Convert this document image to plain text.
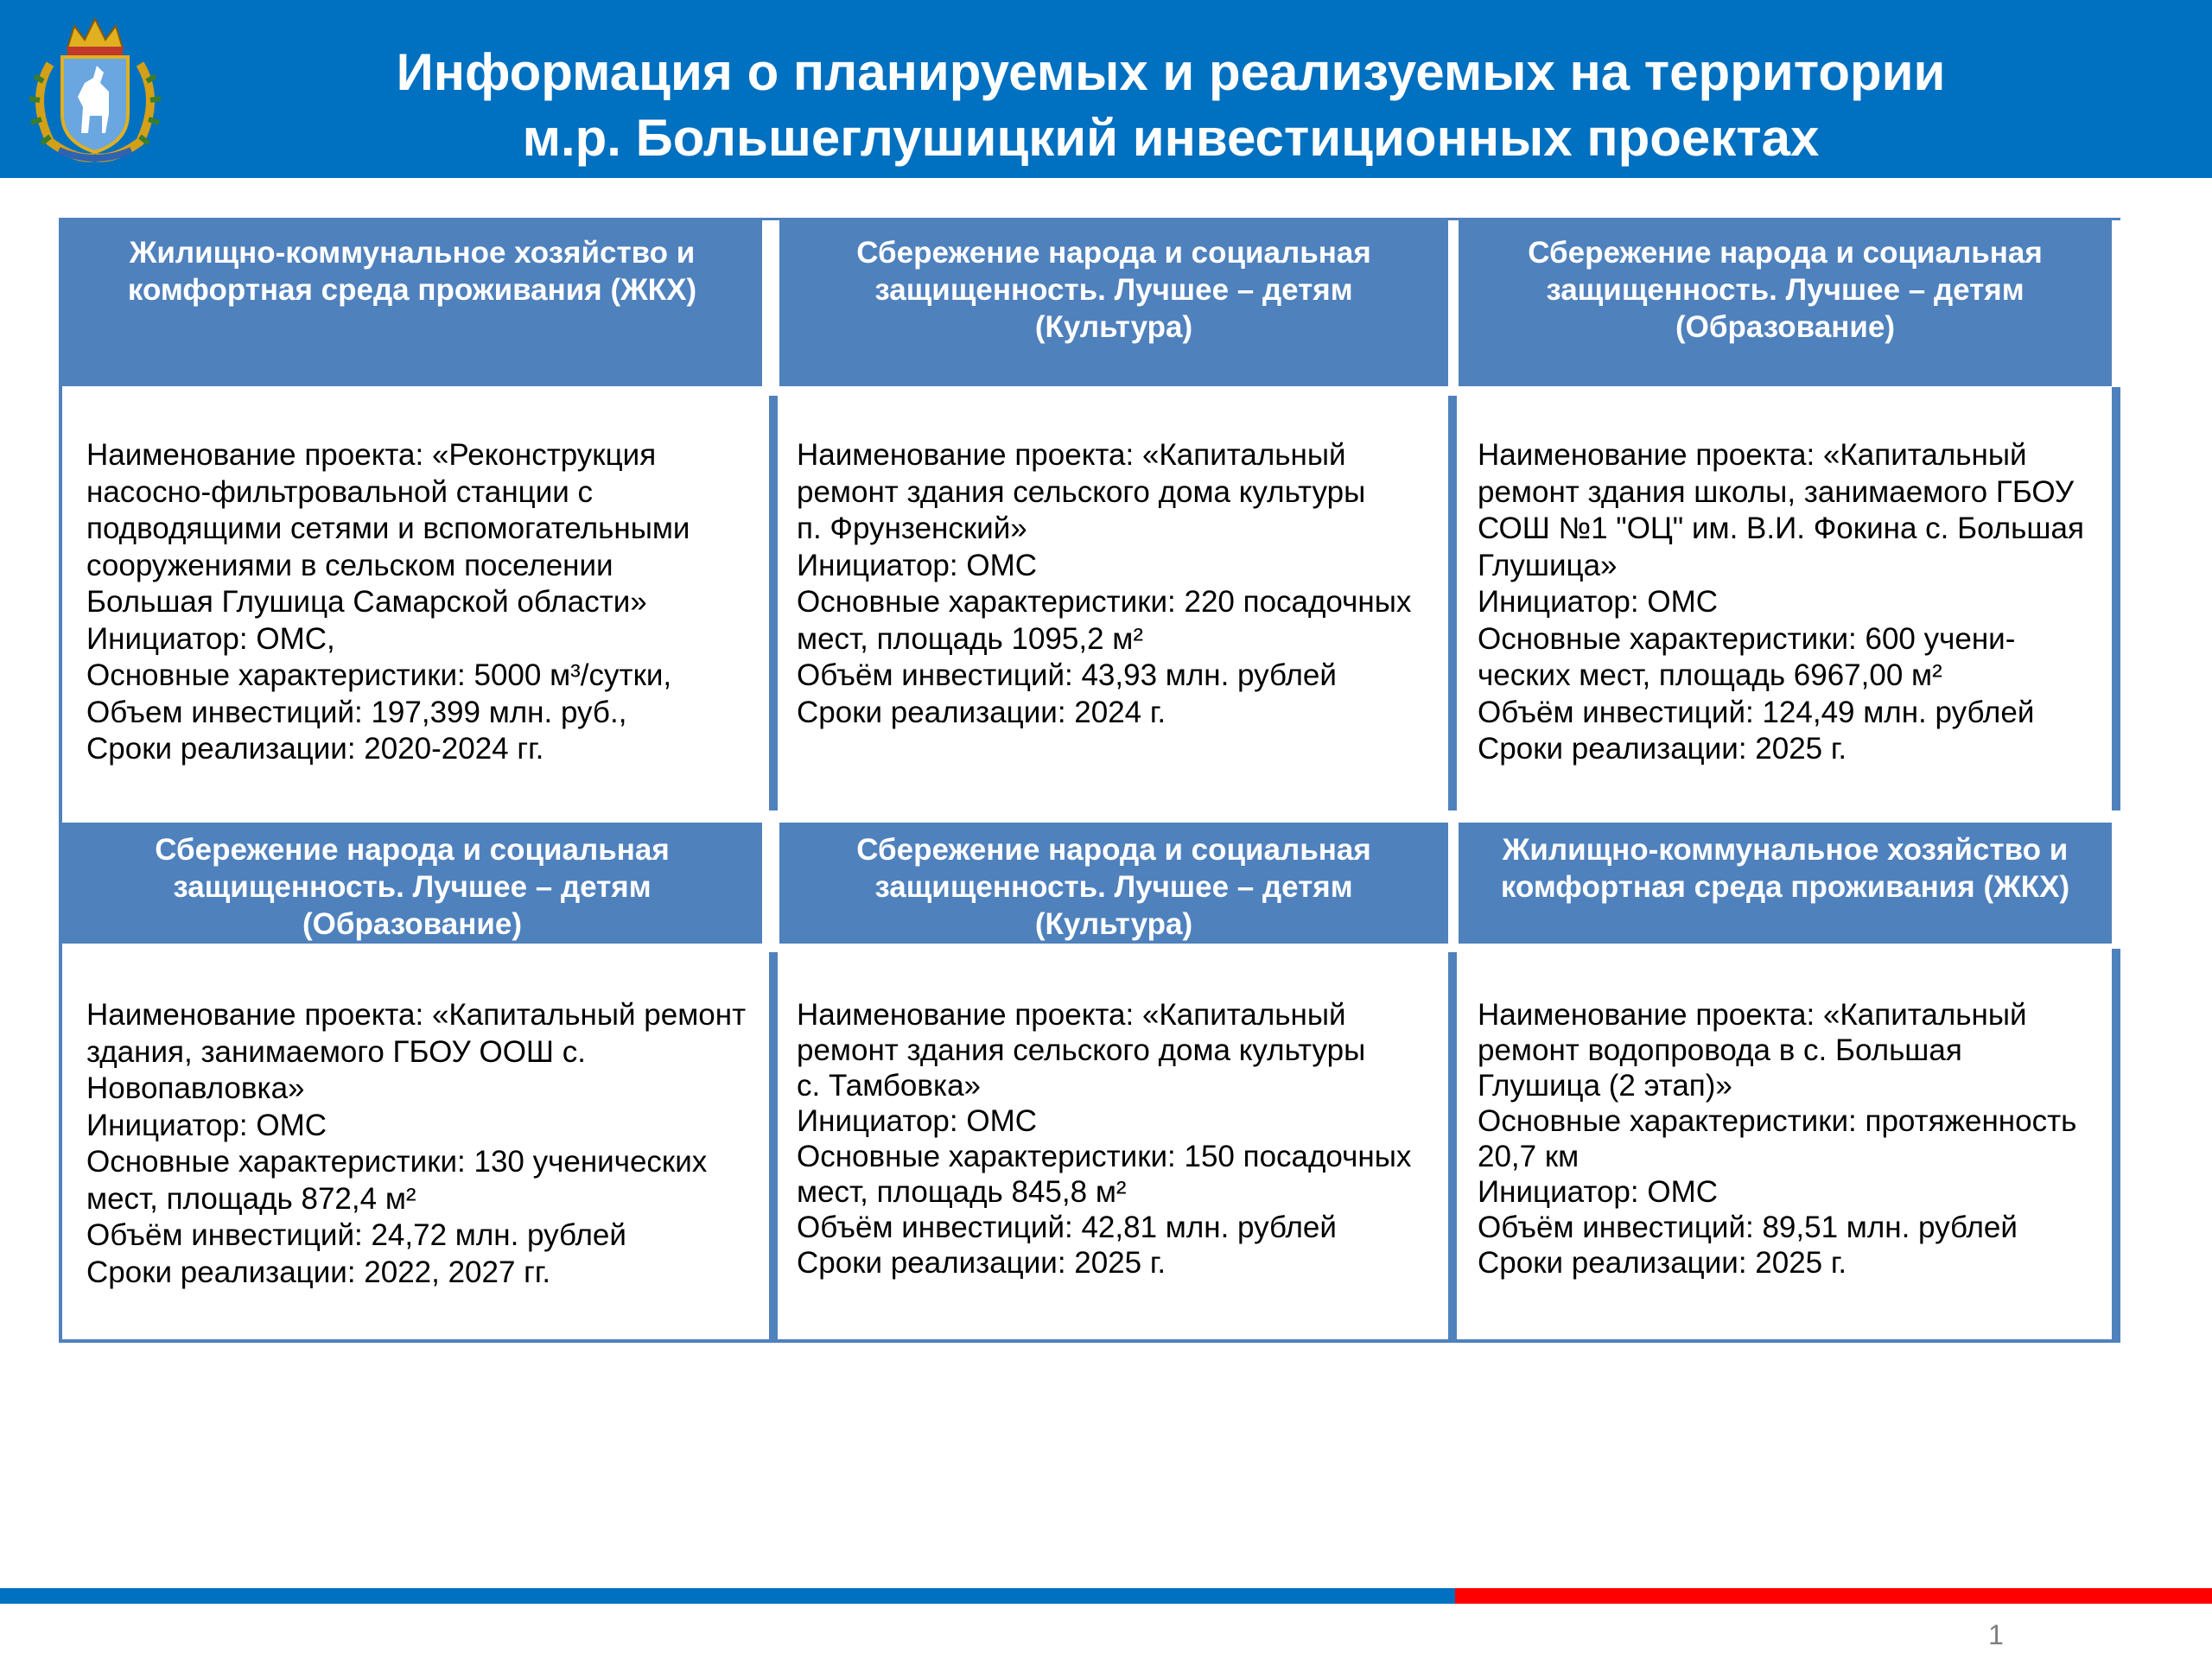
Информация о планируемых и реализуемых на территории
м.р. Большеглушицкий инвестиционных проектах
Жилищно-коммунальное хозяйство и
комфортная среда проживания (ЖКХ)
Сбережение народа и социальная
защищенность. Лучшее – детям
(Культура)
Сбережение народа и социальная
защищенность. Лучшее – детям
(Образование)
Наименование проекта: «Реконструкция
насосно-фильтровальной станции с
подводящими сетями и вспомогательными
сооружениями в сельском поселении
Большая Глушица Самарской области»
Инициатор: ОМС,
Основные характеристики: 5000 м³/сутки,
Объем инвестиций: 197,399 млн. руб.,
Сроки реализации: 2020-2024 гг.
Наименование проекта: «Капитальный
ремонт здания сельского дома культуры
п. Фрунзенский»
Инициатор: ОМС
Основные характеристики: 220 посадочных
мест, площадь 1095,2 м²
Объём инвестиций: 43,93 млн. рублей
Сроки реализации: 2024 г.
Наименование проекта: «Капитальный
ремонт здания школы, занимаемого ГБОУ
СОШ №1 "ОЦ" им. В.И. Фокина с. Большая
Глушица»
Инициатор: ОМС
Основные характеристики: 600 учени-
ческих мест, площадь 6967,00 м²
Объём инвестиций: 124,49 млн. рублей
Сроки реализации: 2025 г.
Сбережение народа и социальная
защищенность. Лучшее – детям
(Образование)
Сбережение народа и социальная
защищенность. Лучшее – детям
(Культура)
Жилищно-коммунальное хозяйство и
комфортная среда проживания (ЖКХ)
Наименование проекта: «Капитальный ремонт
здания, занимаемого ГБОУ ООШ с.
Новопавловка»
Инициатор: ОМС
Основные характеристики: 130 ученических
мест, площадь 872,4 м²
Объём инвестиций: 24,72 млн. рублей
Сроки реализации: 2022, 2027 гг.
Наименование проекта: «Капитальный
ремонт здания сельского дома культуры
с. Тамбовка»
Инициатор: ОМС
Основные характеристики: 150 посадочных
мест, площадь 845,8 м²
Объём инвестиций: 42,81 млн. рублей
Сроки реализации: 2025 г.
Наименование проекта: «Капитальный
ремонт водопровода в с. Большая
Глушица (2 этап)»
Основные характеристики: протяженность
20,7 км
Инициатор: ОМС
Объём инвестиций: 89,51 млн. рублей
Сроки реализации: 2025 г.
1
